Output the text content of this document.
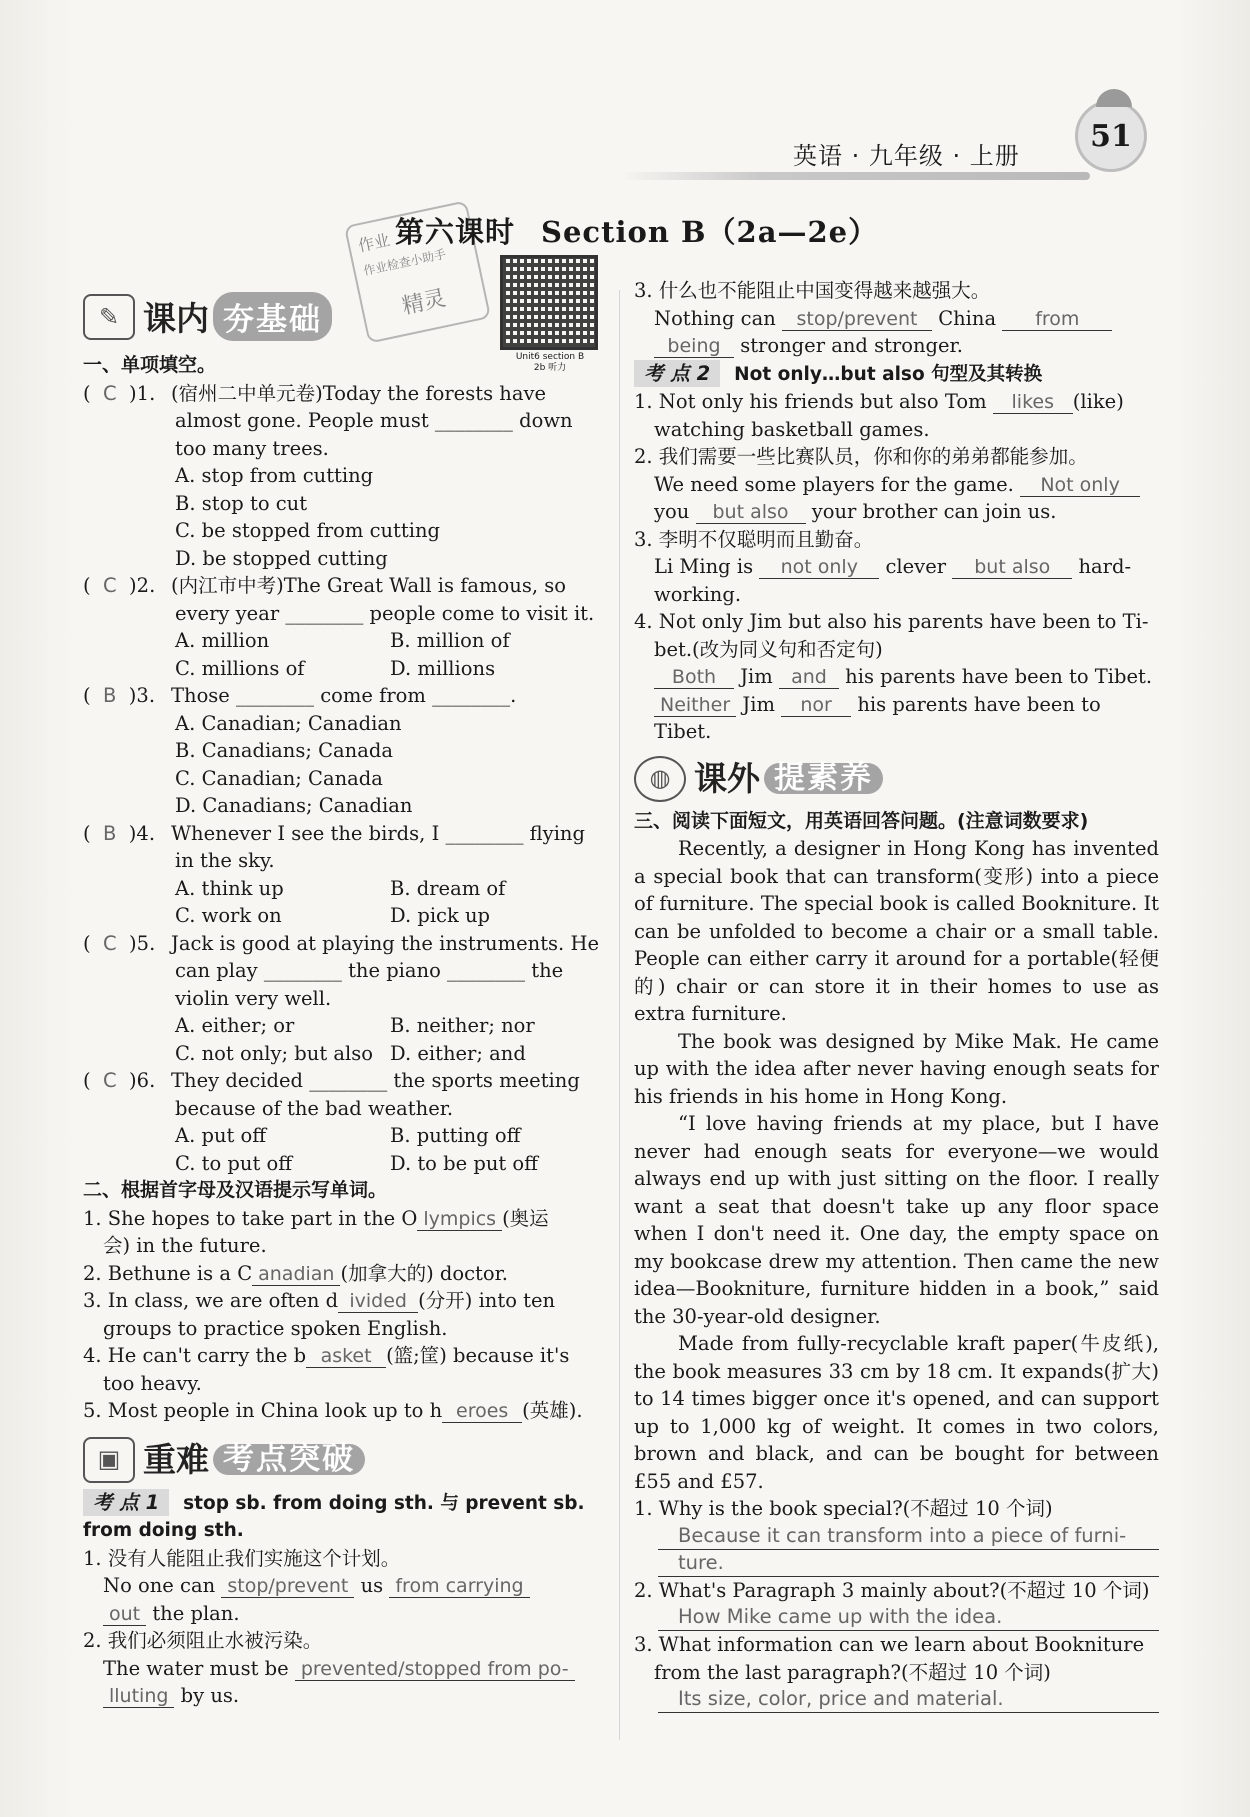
英语 · 九年级 · 上册
51
作业
作业检查小助手
精灵
第六课时 Section B（2a—2e）
Unit6 section B
2b 听力
✎ 课内 夯基础
一、单项填空。
(  C  )1. (宿州二中单元卷)Today the forests have
almost gone. People must ________ down
too many trees.
A. stop from cutting
B. stop to cut
C. be stopped from cutting
D. be stopped cutting
(  C  )2. (内江市中考)The Great Wall is famous, so
every year ________ people come to visit it.
A. million	B. million of
C. millions of	D. millions
(  B  )3. Those ________ come from ________.
A. Canadian; Canadian
B. Canadians; Canada
C. Canadian; Canada
D. Canadians; Canadian
(  B  )4. Whenever I see the birds, I ________ flying
in the sky.
A. think up	B. dream of
C. work on	D. pick up
(  C  )5. Jack is good at playing the instruments. He
can play ________ the piano ________ the
violin very well.
A. either; or	B. neither; nor
C. not only; but also D. either; and
(  C  )6. They decided ________ the sports meeting
because of the bad weather.
A. put off	B. putting off
C. to put off	D. to be put off
二、根据首字母及汉语提示写单词。
1. She hopes to take part in the O lympics (奥运
会) in the future.
2. Bethune is a C anadian (加拿大的) doctor.
3. In class, we are often d ivided (分开) into ten
groups to practice spoken English.
4. He can't carry the b asket (篮;筐) because it's
too heavy.
5. Most people in China look up to h eroes (英雄).
▣ 重难 考点突破
考 点 1 stop sb. from doing sth. 与 prevent sb.
from doing sth.
1. 没有人能阻止我们实施这个计划。
No one can stop/prevent us from carrying
out the plan.
2. 我们必须阻止水被污染。
The water must be prevented/stopped from po-
lluting by us.
3. 什么也不能阻止中国变得越来越强大。
Nothing can stop/prevent China from
being stronger and stronger.
考 点 2 Not only…but also 句型及其转换
1. Not only his friends but also Tom likes (like)
watching basketball games.
2. 我们需要一些比赛队员，你和你的弟弟都能参加。
We need some players for the game. Not only
you but also your brother can join us.
3. 李明不仅聪明而且勤奋。
Li Ming is not only clever but also hard-
working.
4. Not only Jim but also his parents have been to Ti-
bet.(改为同义句和否定句)
Both Jim and his parents have been to Tibet.
Neither Jim nor his parents have been to
Tibet.
◍ 课外 提素养
三、阅读下面短文，用英语回答问题。(注意词数要求)

Recently, a designer in Hong Kong has invented a special book that can transform(变形) into a piece of furniture. The special book is called Bookniture. It can be unfolded to become a chair or a small table. People can either carry it around for a portable(轻便的) chair or can store it in their homes to use as extra furniture.

The book was designed by Mike Mak. He came up with the idea after never having enough seats for his friends in his home in Hong Kong.

“I love having friends at my place, but I have never had enough seats for everyone—we would always end up with just sitting on the floor. I really want a seat that doesn't take up any floor space when I don't need it. One day, the empty space on my bookcase drew my attention. Then came the new idea—Bookniture, furniture hidden in a book,” said the 30-year-old designer.

Made from fully-recyclable kraft paper(牛皮纸), the book measures 33 cm by 18 cm. It expands(扩大) to 14 times bigger once it's opened, and can support up to 1,000 kg of weight. It comes in two colors, brown and black, and can be bought for between £55 and £57.

1. Why is the book special?(不超过 10 个词)
Because it can transform into a piece of furni-
ture.
2. What's Paragraph 3 mainly about?(不超过 10 个词)
How Mike came up with the idea.
3. What information can we learn about Bookniture
from the last paragraph?(不超过 10 个词)
Its size, color, price and material.
